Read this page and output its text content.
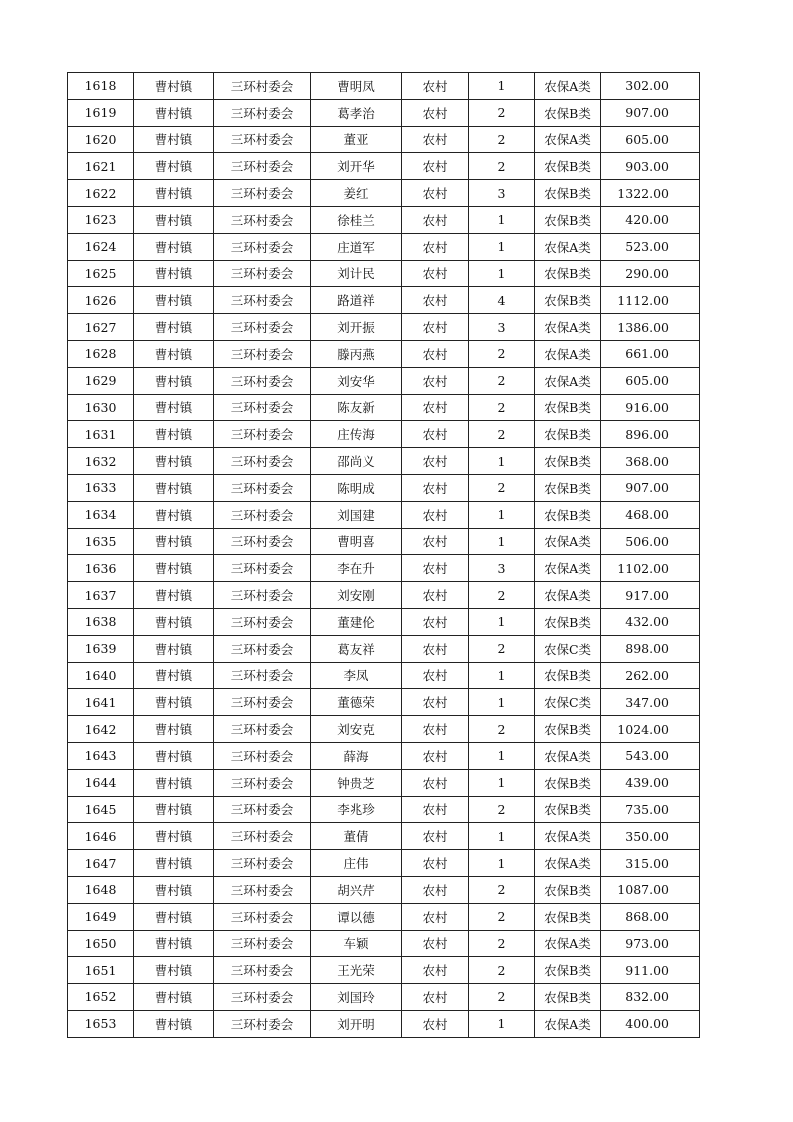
1618	曹村镇	三环村委会	曹明凤	农村	1	农保A类	302.00
1619	曹村镇	三环村委会	葛孝治	农村	2	农保B类	907.00
1620	曹村镇	三环村委会	董亚	农村	2	农保A类	605.00
1621	曹村镇	三环村委会	刘开华	农村	2	农保B类	903.00
1622	曹村镇	三环村委会	姜红	农村	3	农保B类	1322.00
1623	曹村镇	三环村委会	徐桂兰	农村	1	农保B类	420.00
1624	曹村镇	三环村委会	庄道军	农村	1	农保A类	523.00
1625	曹村镇	三环村委会	刘计民	农村	1	农保B类	290.00
1626	曹村镇	三环村委会	路道祥	农村	4	农保B类	1112.00
1627	曹村镇	三环村委会	刘开振	农村	3	农保A类	1386.00
1628	曹村镇	三环村委会	滕丙燕	农村	2	农保A类	661.00
1629	曹村镇	三环村委会	刘安华	农村	2	农保A类	605.00
1630	曹村镇	三环村委会	陈友新	农村	2	农保B类	916.00
1631	曹村镇	三环村委会	庄传海	农村	2	农保B类	896.00
1632	曹村镇	三环村委会	邵尚义	农村	1	农保B类	368.00
1633	曹村镇	三环村委会	陈明成	农村	2	农保B类	907.00
1634	曹村镇	三环村委会	刘国建	农村	1	农保B类	468.00
1635	曹村镇	三环村委会	曹明喜	农村	1	农保A类	506.00
1636	曹村镇	三环村委会	李在升	农村	3	农保A类	1102.00
1637	曹村镇	三环村委会	刘安刚	农村	2	农保A类	917.00
1638	曹村镇	三环村委会	董建伦	农村	1	农保B类	432.00
1639	曹村镇	三环村委会	葛友祥	农村	2	农保C类	898.00
1640	曹村镇	三环村委会	李凤	农村	1	农保B类	262.00
1641	曹村镇	三环村委会	董德荣	农村	1	农保C类	347.00
1642	曹村镇	三环村委会	刘安克	农村	2	农保B类	1024.00
1643	曹村镇	三环村委会	薛海	农村	1	农保A类	543.00
1644	曹村镇	三环村委会	钟贵芝	农村	1	农保B类	439.00
1645	曹村镇	三环村委会	李兆珍	农村	2	农保B类	735.00
1646	曹村镇	三环村委会	董倩	农村	1	农保A类	350.00
1647	曹村镇	三环村委会	庄伟	农村	1	农保A类	315.00
1648	曹村镇	三环村委会	胡兴芹	农村	2	农保B类	1087.00
1649	曹村镇	三环村委会	谭以德	农村	2	农保B类	868.00
1650	曹村镇	三环村委会	车颖	农村	2	农保A类	973.00
1651	曹村镇	三环村委会	王光荣	农村	2	农保B类	911.00
1652	曹村镇	三环村委会	刘国玲	农村	2	农保B类	832.00
1653	曹村镇	三环村委会	刘开明	农村	1	农保A类	400.00
